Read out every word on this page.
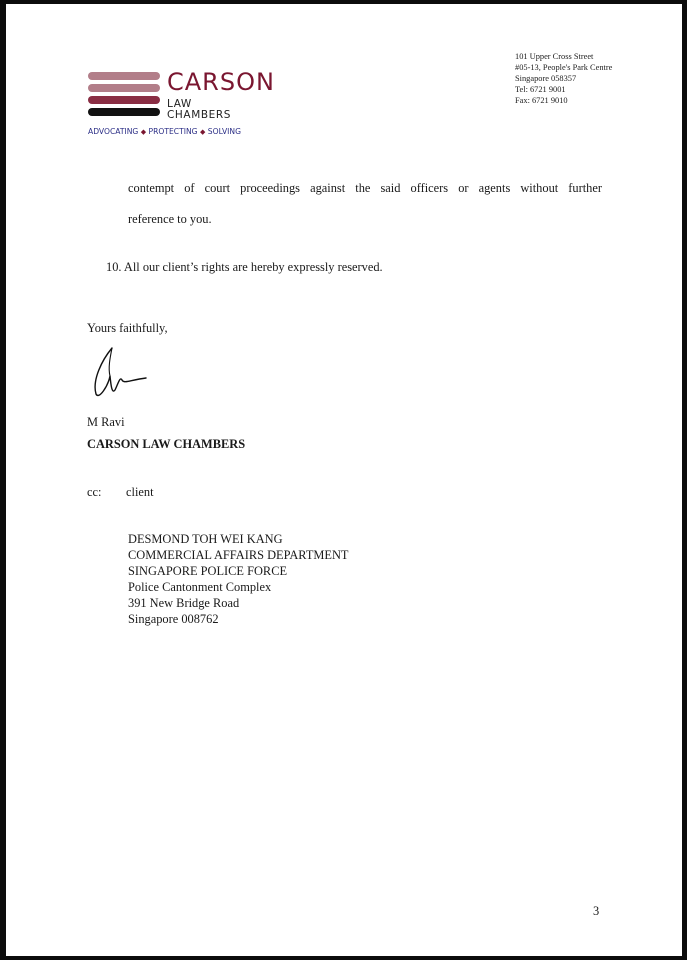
CARSON
LAW
CHAMBERS
ADVOCATING ◆ PROTECTING ◆ SOLVING
101 Upper Cross Street
#05-13, People's Park Centre
Singapore 058357
Tel: 6721 9001
Fax: 6721 9010
contempt of court proceedings against the said officers or agents without further
reference to you.
10. All our client’s rights are hereby expressly reserved.
Yours faithfully,
M Ravi
CARSON LAW CHAMBERS
cc: client
DESMOND TOH WEI KANG
COMMERCIAL AFFAIRS DEPARTMENT
SINGAPORE POLICE FORCE
Police Cantonment Complex
391 New Bridge Road
Singapore 008762
3
